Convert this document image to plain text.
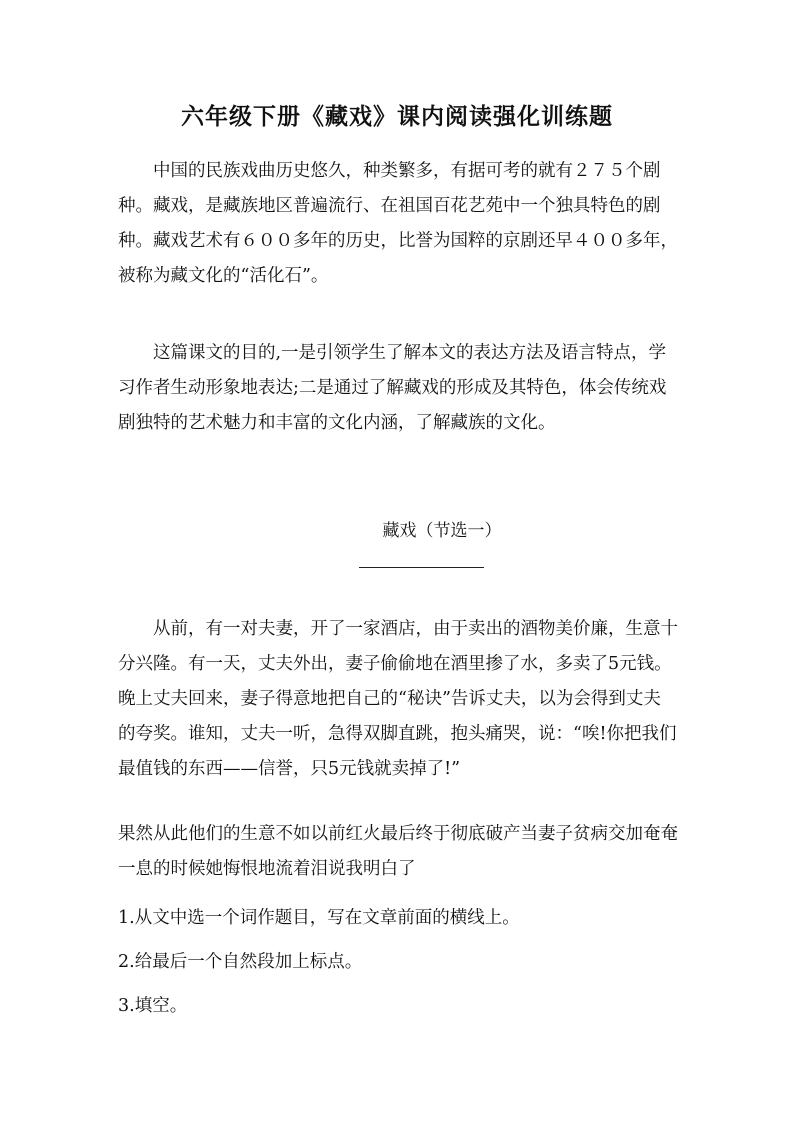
六年级下册《藏戏》课内阅读强化训练题

中国的民族戏曲历史悠久，种类繁多，有据可考的就有２７５个剧种。藏戏，是藏族地区普遍流行、在祖国百花艺苑中一个独具特色的剧种。藏戏艺术有６００多年的历史，比誉为国粹的京剧还早４００多年，被称为藏文化的“活化石”。

这篇课文的目的,一是引领学生了解本文的表达方法及语言特点，学习作者生动形象地表达;二是通过了解藏戏的形成及其特色，体会传统戏剧独特的艺术魅力和丰富的文化内涵，了解藏族的文化。

藏戏（节选一）

从前，有一对夫妻，开了一家酒店，由于卖出的酒物美价廉，生意十分兴隆。有一天，丈夫外出，妻子偷偷地在酒里掺了水，多卖了5元钱。晚上丈夫回来，妻子得意地把自己的“秘诀”告诉丈夫，以为会得到丈夫的夸奖。谁知，丈夫一听，急得双脚直跳，抱头痛哭，说：“唉!你把我们最值钱的东西——信誉，只5元钱就卖掉了!”

果然从此他们的生意不如以前红火最后终于彻底破产当妻子贫病交加奄奄一息的时候她悔恨地流着泪说我明白了

1.从文中选一个词作题目，写在文章前面的横线上。
2.给最后一个自然段加上标点。
3.填空。
